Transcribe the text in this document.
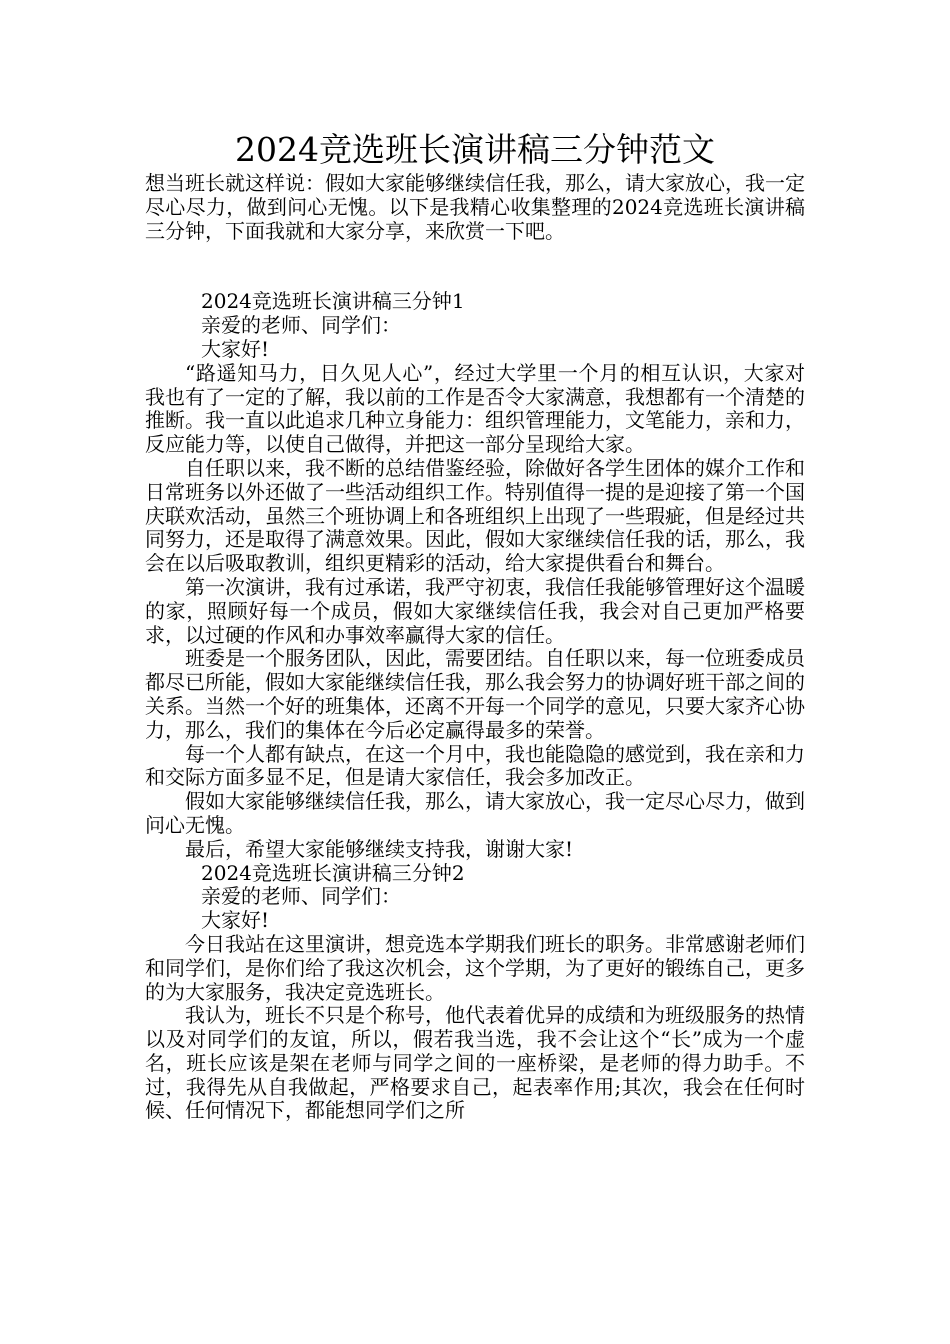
2024竞选班长演讲稿三分钟范文

想当班长就这样说：假如大家能够继续信任我，那么，请大家放心，我一定尽心尽力，做到问心无愧。以下是我精心收集整理的2024竞选班长演讲稿三分钟，下面我就和大家分享，来欣赏一下吧。

2024竞选班长演讲稿三分钟1

亲爱的老师、同学们：

大家好!

“路遥知马力，日久见人心”，经过大学里一个月的相互认识，大家对我也有了一定的了解，我以前的工作是否令大家满意，我想都有一个清楚的推断。我一直以此追求几种立身能力：组织管理能力，文笔能力，亲和力，反应能力等，以使自己做得，并把这一部分呈现给大家。

自任职以来，我不断的总结借鉴经验，除做好各学生团体的媒介工作和日常班务以外还做了一些活动组织工作。特别值得一提的是迎接了第一个国庆联欢活动，虽然三个班协调上和各班组织上出现了一些瑕疵，但是经过共同努力，还是取得了满意效果。因此，假如大家继续信任我的话，那么，我会在以后吸取教训，组织更精彩的活动，给大家提供看台和舞台。

第一次演讲，我有过承诺，我严守初衷，我信任我能够管理好这个温暖的家，照顾好每一个成员，假如大家继续信任我，我会对自己更加严格要求，以过硬的作风和办事效率赢得大家的信任。

班委是一个服务团队，因此，需要团结。自任职以来，每一位班委成员都尽已所能，假如大家能继续信任我，那么我会努力的协调好班干部之间的关系。当然一个好的班集体，还离不开每一个同学的意见，只要大家齐心协力，那么，我们的集体在今后必定赢得最多的荣誉。

每一个人都有缺点，在这一个月中，我也能隐隐的感觉到，我在亲和力和交际方面多显不足，但是请大家信任，我会多加改正。

假如大家能够继续信任我，那么，请大家放心，我一定尽心尽力，做到问心无愧。

最后，希望大家能够继续支持我，谢谢大家!

2024竞选班长演讲稿三分钟2

亲爱的老师、同学们：

大家好!

今日我站在这里演讲，想竞选本学期我们班长的职务。非常感谢老师们和同学们，是你们给了我这次机会，这个学期，为了更好的锻练自己，更多的为大家服务，我决定竞选班长。

我认为，班长不只是个称号，他代表着优异的成绩和为班级服务的热情以及对同学们的友谊，所以，假若我当选，我不会让这个“长”成为一个虚名，班长应该是架在老师与同学之间的一座桥梁，是老师的得力助手。不过，我得先从自我做起，严格要求自己，起表率作用;其次，我会在任何时候、任何情况下，都能想同学们之所
